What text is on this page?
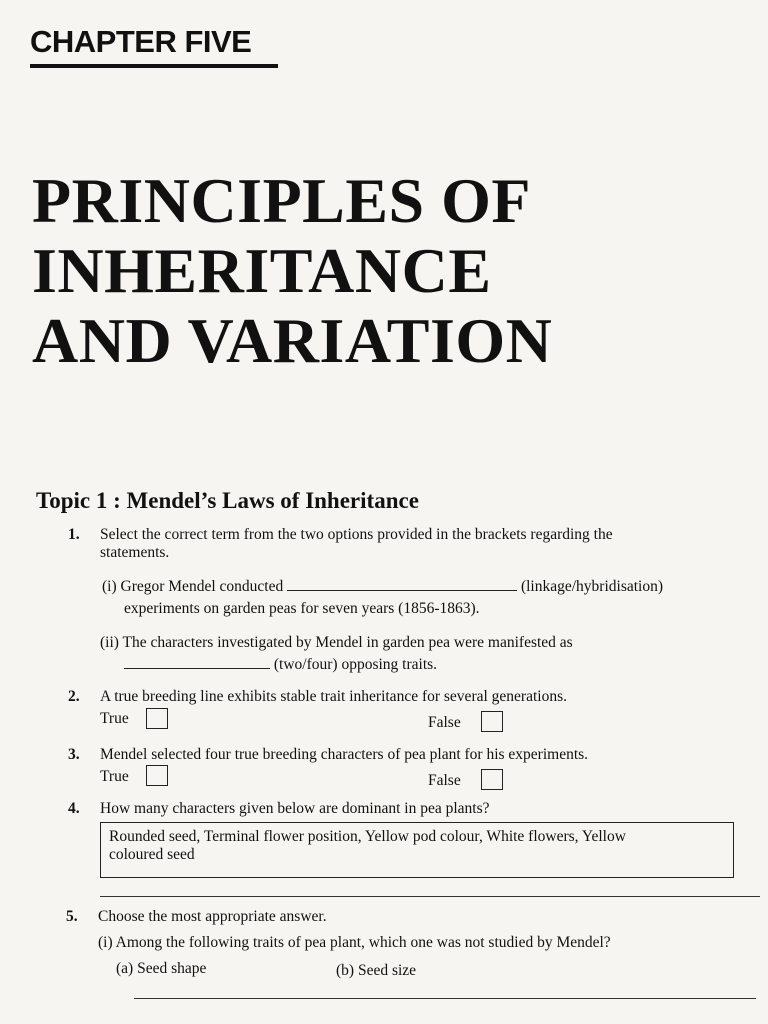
CHAPTER FIVE
PRINCIPLES OF
INHERITANCE
AND VARIATION
Topic 1 : Mendel’s Laws of Inheritance
1. Select the correct term from the two options provided in the brackets regarding the
statements.
(i) Gregor Mendel conducted	(linkage/hybridisation)
experiments on garden peas for seven years (1856-1863).
(ii) The characters investigated by Mendel in garden pea were manifested as
(two/four) opposing traits.
2. A true breeding line exhibits stable trait inheritance for several generations.
True	False
3. Mendel selected four true breeding characters of pea plant for his experiments.
True	False
4. How many characters given below are dominant in pea plants?
Rounded seed, Terminal flower position, Yellow pod colour, White flowers, Yellow
coloured seed
5. Choose the most appropriate answer.
(i) Among the following traits of pea plant, which one was not studied by Mendel?
(a) Seed shape	(b) Seed size
